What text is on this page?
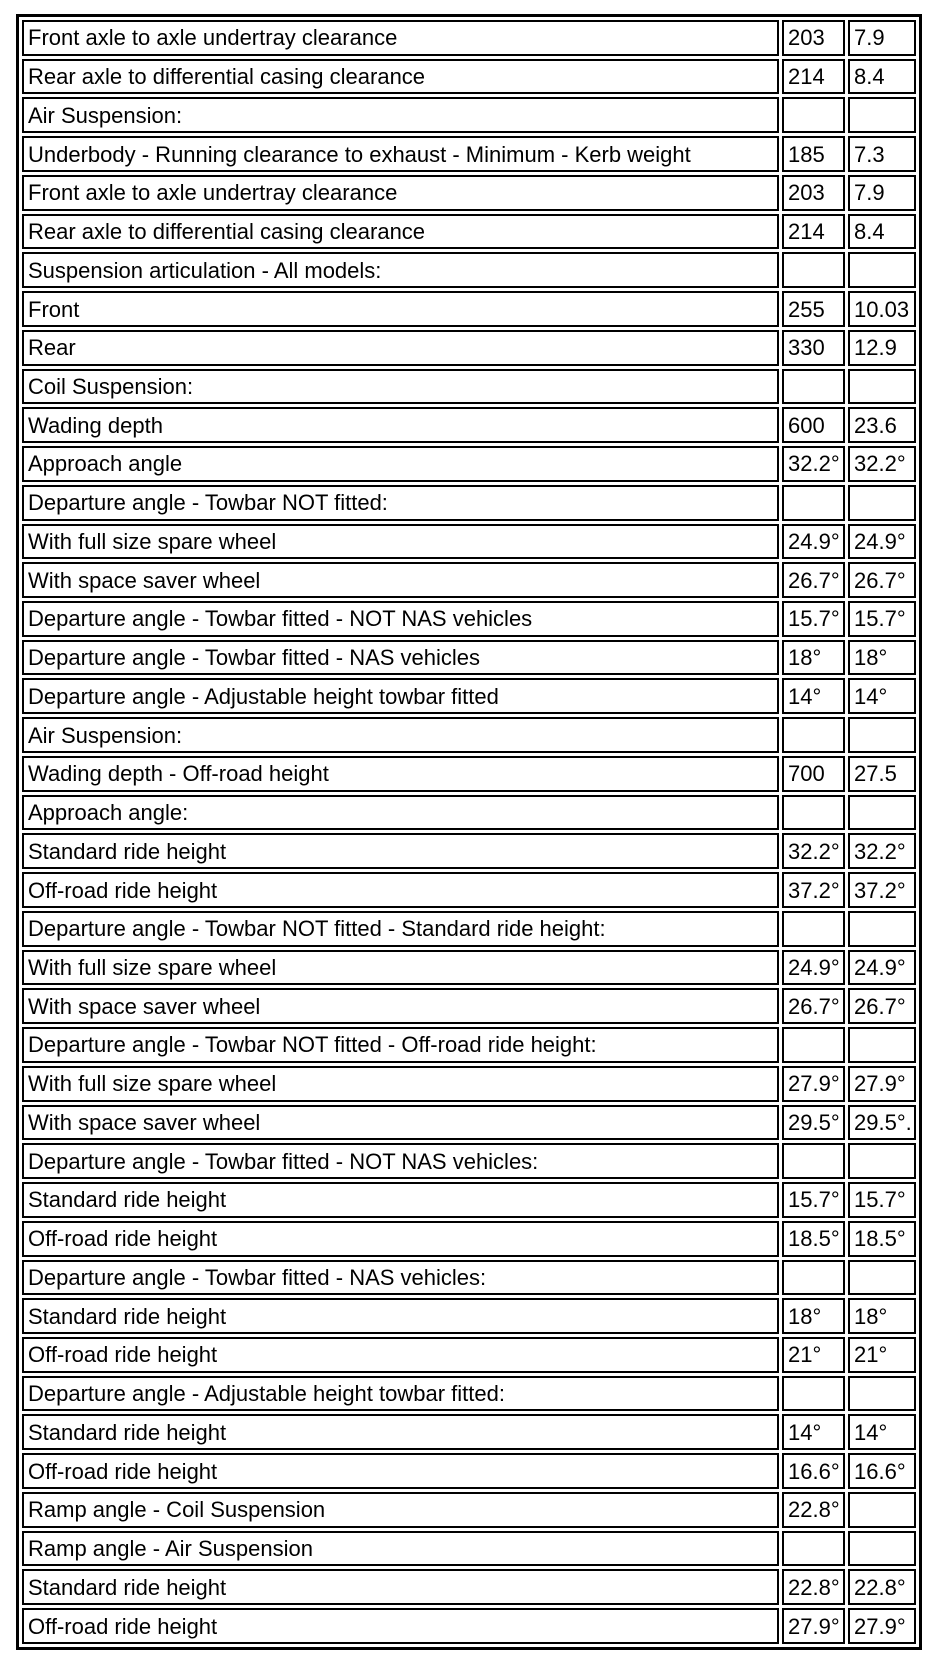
Front axle to axle undertray clearance	203	7.9
Rear axle to differential casing clearance	214	8.4
Air Suspension:		
Underbody - Running clearance to exhaust - Minimum - Kerb weight	185	7.3
Front axle to axle undertray clearance	203	7.9
Rear axle to differential casing clearance	214	8.4
Suspension articulation - All models:		
Front	255	10.03
Rear	330	12.9
Coil Suspension:		
Wading depth	600	23.6
Approach angle	32.2°	32.2°
Departure angle - Towbar NOT fitted:		
With full size spare wheel	24.9°	24.9°
With space saver wheel	26.7°	26.7°
Departure angle - Towbar fitted - NOT NAS vehicles	15.7°	15.7°
Departure angle - Towbar fitted - NAS vehicles	18°	18°
Departure angle - Adjustable height towbar fitted	14°	14°
Air Suspension:		
Wading depth - Off-road height	700	27.5
Approach angle:		
Standard ride height	32.2°	32.2°
Off-road ride height	37.2°	37.2°
Departure angle - Towbar NOT fitted - Standard ride height:		
With full size spare wheel	24.9°	24.9°
With space saver wheel	26.7°	26.7°
Departure angle - Towbar NOT fitted - Off-road ride height:		
With full size spare wheel	27.9°	27.9°
With space saver wheel	29.5°	29.5°.
Departure angle - Towbar fitted - NOT NAS vehicles:		
Standard ride height	15.7°	15.7°
Off-road ride height	18.5°	18.5°
Departure angle - Towbar fitted - NAS vehicles:		
Standard ride height	18°	18°
Off-road ride height	21°	21°
Departure angle - Adjustable height towbar fitted:		
Standard ride height	14°	14°
Off-road ride height	16.6°	16.6°
Ramp angle - Coil Suspension	22.8°	
Ramp angle - Air Suspension		
Standard ride height	22.8°	22.8°
Off-road ride height	27.9°	27.9°
